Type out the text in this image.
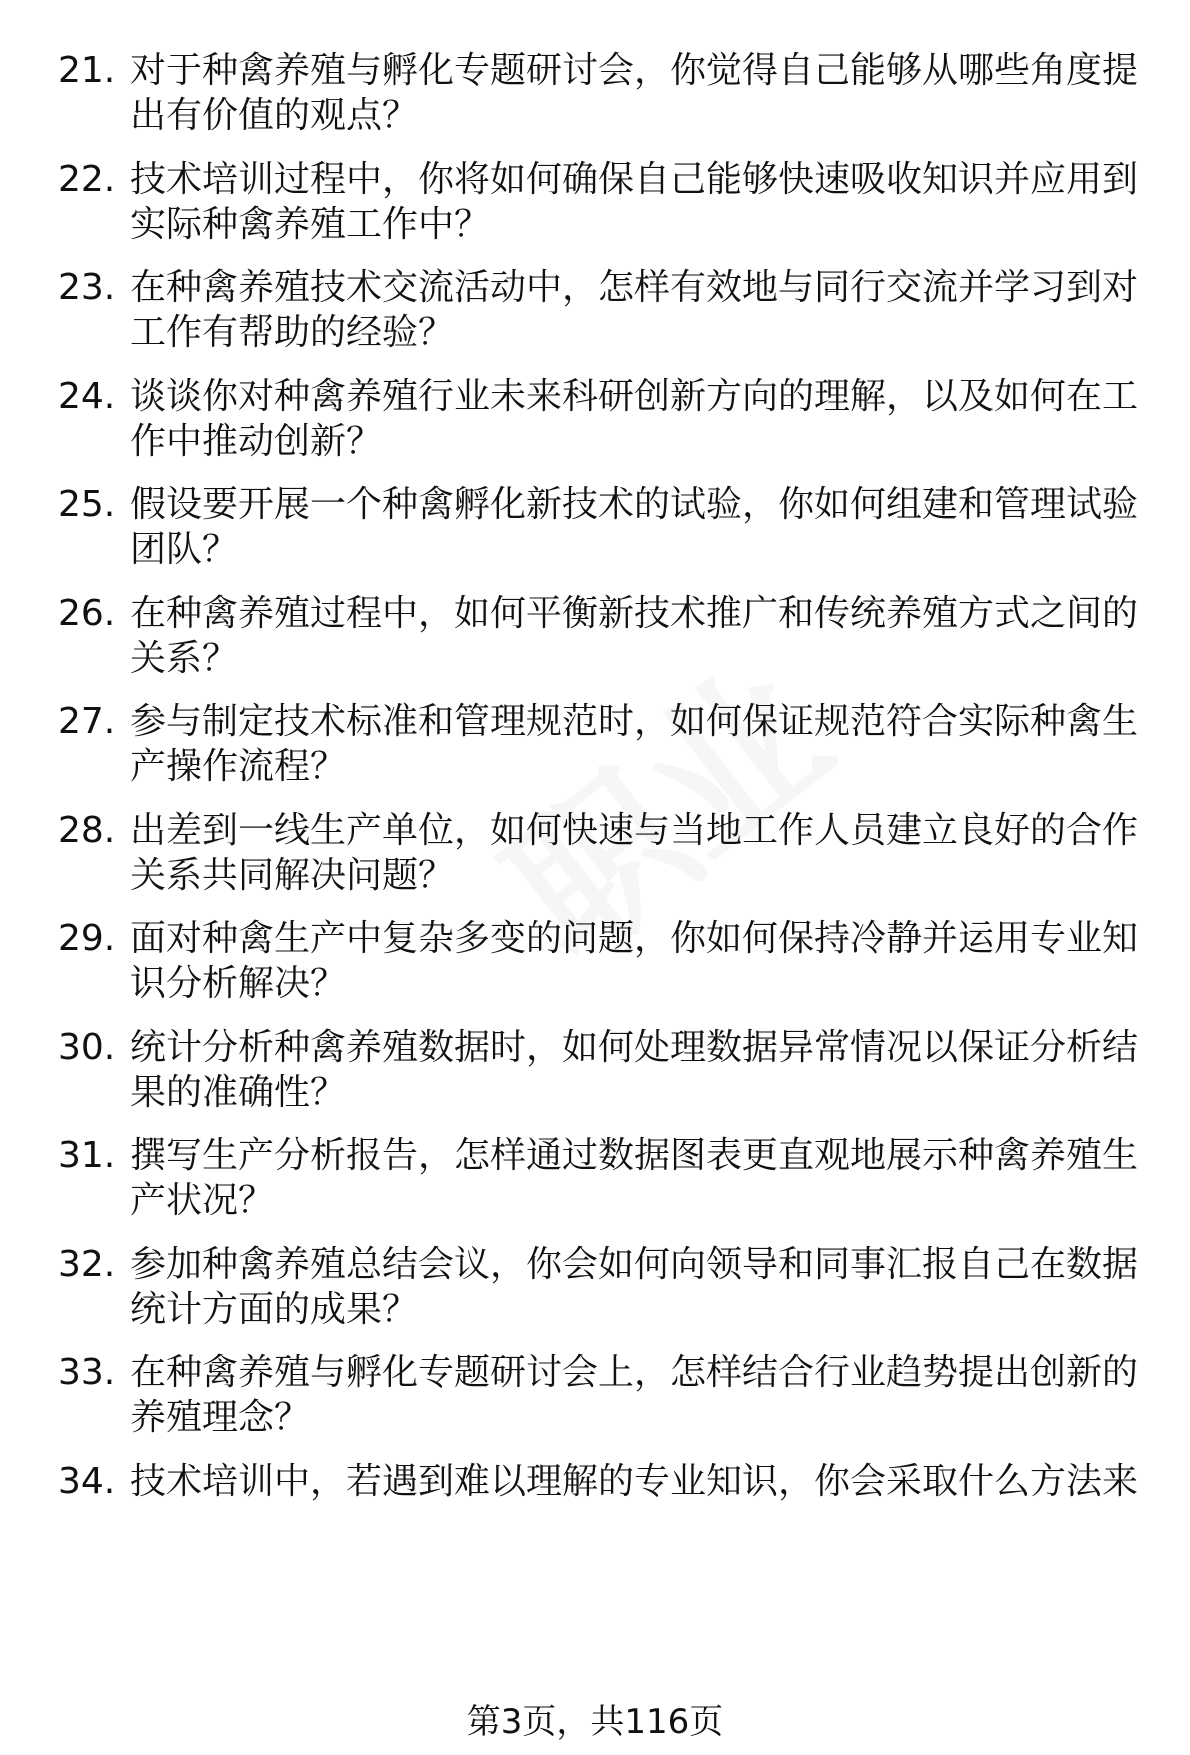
21. 对于种禽养殖与孵化专题研讨会，你觉得自己能够从哪些角度提出有价值的观点？
22. 技术培训过程中，你将如何确保自己能够快速吸收知识并应用到实际种禽养殖工作中？
23. 在种禽养殖技术交流活动中，怎样有效地与同行交流并学习到对工作有帮助的经验？
24. 谈谈你对种禽养殖行业未来科研创新方向的理解，以及如何在工作中推动创新？
25. 假设要开展一个种禽孵化新技术的试验，你如何组建和管理试验团队？
26. 在种禽养殖过程中，如何平衡新技术推广和传统养殖方式之间的关系？
27. 参与制定技术标准和管理规范时，如何保证规范符合实际种禽生产操作流程？
28. 出差到一线生产单位，如何快速与当地工作人员建立良好的合作关系共同解决问题？
29. 面对种禽生产中复杂多变的问题，你如何保持冷静并运用专业知识分析解决？
30. 统计分析种禽养殖数据时，如何处理数据异常情况以保证分析结果的准确性？
31. 撰写生产分析报告，怎样通过数据图表更直观地展示种禽养殖生产状况？
32. 参加种禽养殖总结会议，你会如何向领导和同事汇报自己在数据统计方面的成果？
33. 在种禽养殖与孵化专题研讨会上，怎样结合行业趋势提出创新的养殖理念？
34. 技术培训中，若遇到难以理解的专业知识，你会采取什么方法来
第3页，共116页
